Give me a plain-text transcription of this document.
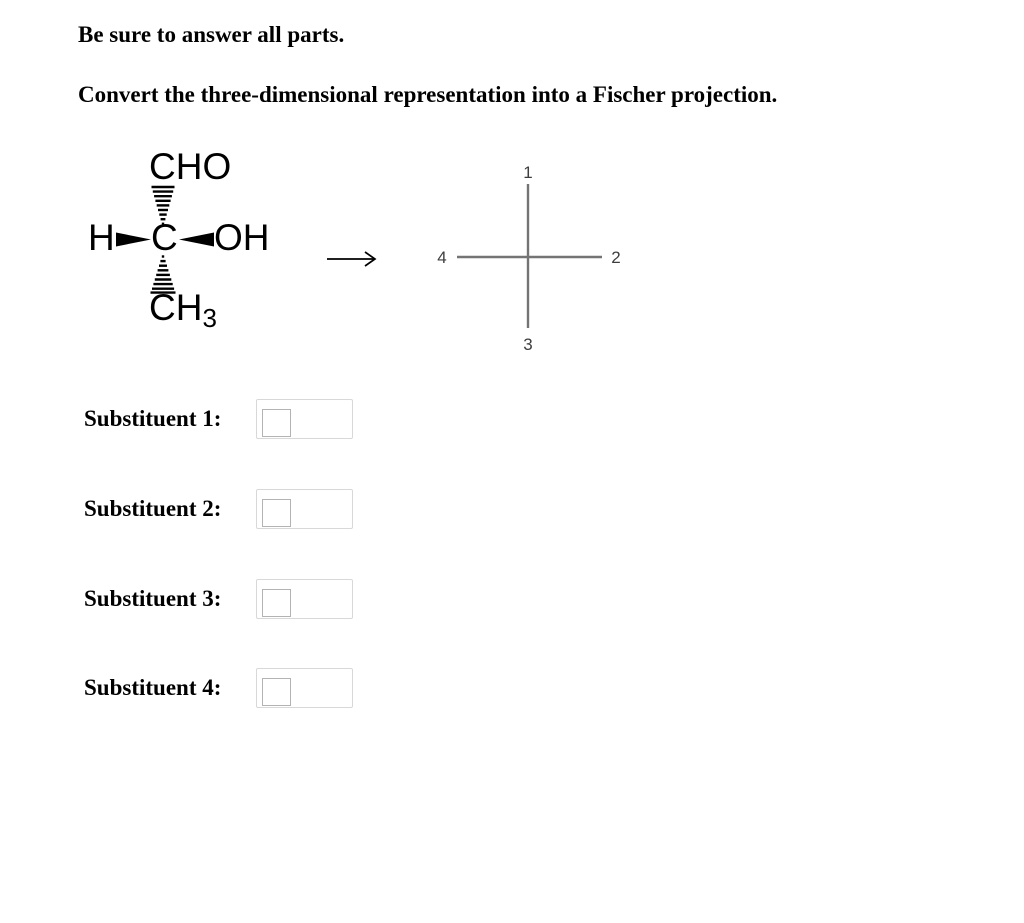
Be sure to answer all parts.
Convert the three-dimensional representation into a Fischer projection.
CHO
H C OH
CH3
1
2
3
4
Substituent 1:
Substituent 2:
Substituent 3:
Substituent 4:
